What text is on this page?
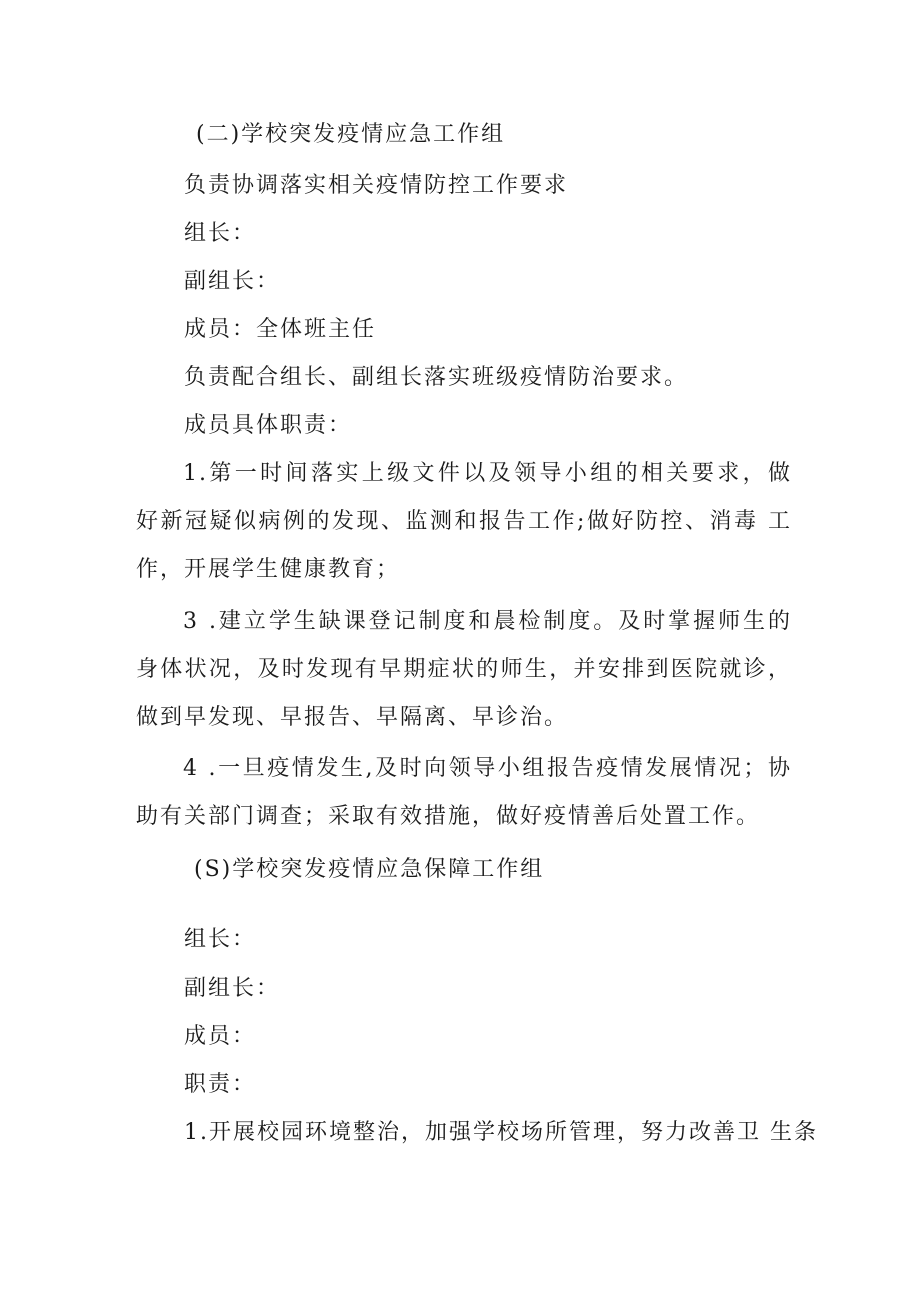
(二)学校突发疫情应急工作组
负责协调落实相关疫情防控工作要求
组长：
副组长：
成员：全体班主任
负责配合组长、副组长落实班级疫情防治要求。
成员具体职责：
1.第一时间落实上级文件以及领导小组的相关要求，做 好新冠疑似病例的发现、监测和报告工作;做好防控、消毒 工作，开展学生健康教育；
3 .建立学生缺课登记制度和晨检制度。及时掌握师生的 身体状况，及时发现有早期症状的师生，并安排到医院就诊，做到早发现、早报告、早隔离、早诊治。
4 .一旦疫情发生,及时向领导小组报告疫情发展情况；协助有关部门调查；采取有效措施，做好疫情善后处置工作。
(S)学校突发疫情应急保障工作组
组长：
副组长：
成员：
职责：
1.开展校园环境整治，加强学校场所管理，努力改善卫 生条
